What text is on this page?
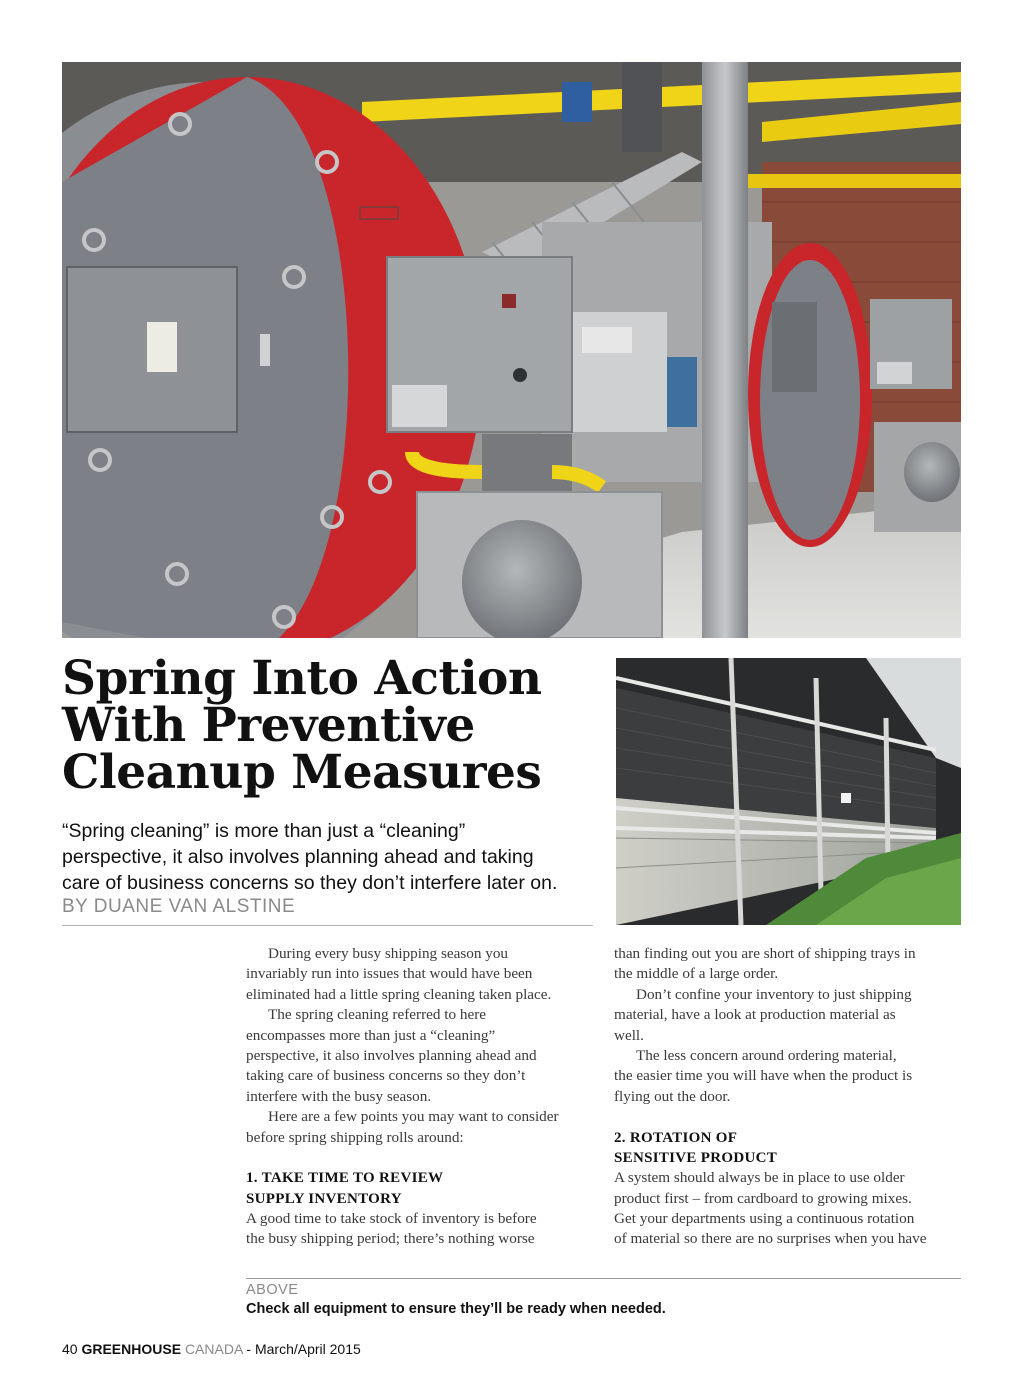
Spring Into Action
With Preventive
Cleanup Measures

“Spring cleaning” is more than just a “cleaning”
perspective, it also involves planning ahead and taking
care of business concerns so they don’t interfere later on.

BY DUANE VAN ALSTINE
During every busy shipping season you
invariably run into issues that would have been
eliminated had a little spring cleaning taken place.
The spring cleaning referred to here
encompasses more than just a “cleaning”
perspective, it also involves planning ahead and
taking care of business concerns so they don’t
interfere with the busy season.
Here are a few points you may want to consider
before spring shipping rolls around:
1. TAKE TIME TO REVIEW
SUPPLY INVENTORY
A good time to take stock of inventory is before
the busy shipping period; there’s nothing worse
than finding out you are short of shipping trays in
the middle of a large order.
Don’t confine your inventory to just shipping
material, have a look at production material as
well.
The less concern around ordering material,
the easier time you will have when the product is
flying out the door.
2. ROTATION OF
SENSITIVE PRODUCT
A system should always be in place to use older
product first – from cardboard to growing mixes.
Get your departments using a continuous rotation
of material so there are no surprises when you have
ABOVE
Check all equipment to ensure they’ll be ready when needed.
40 GREENHOUSE CANADA - March/April 2015
